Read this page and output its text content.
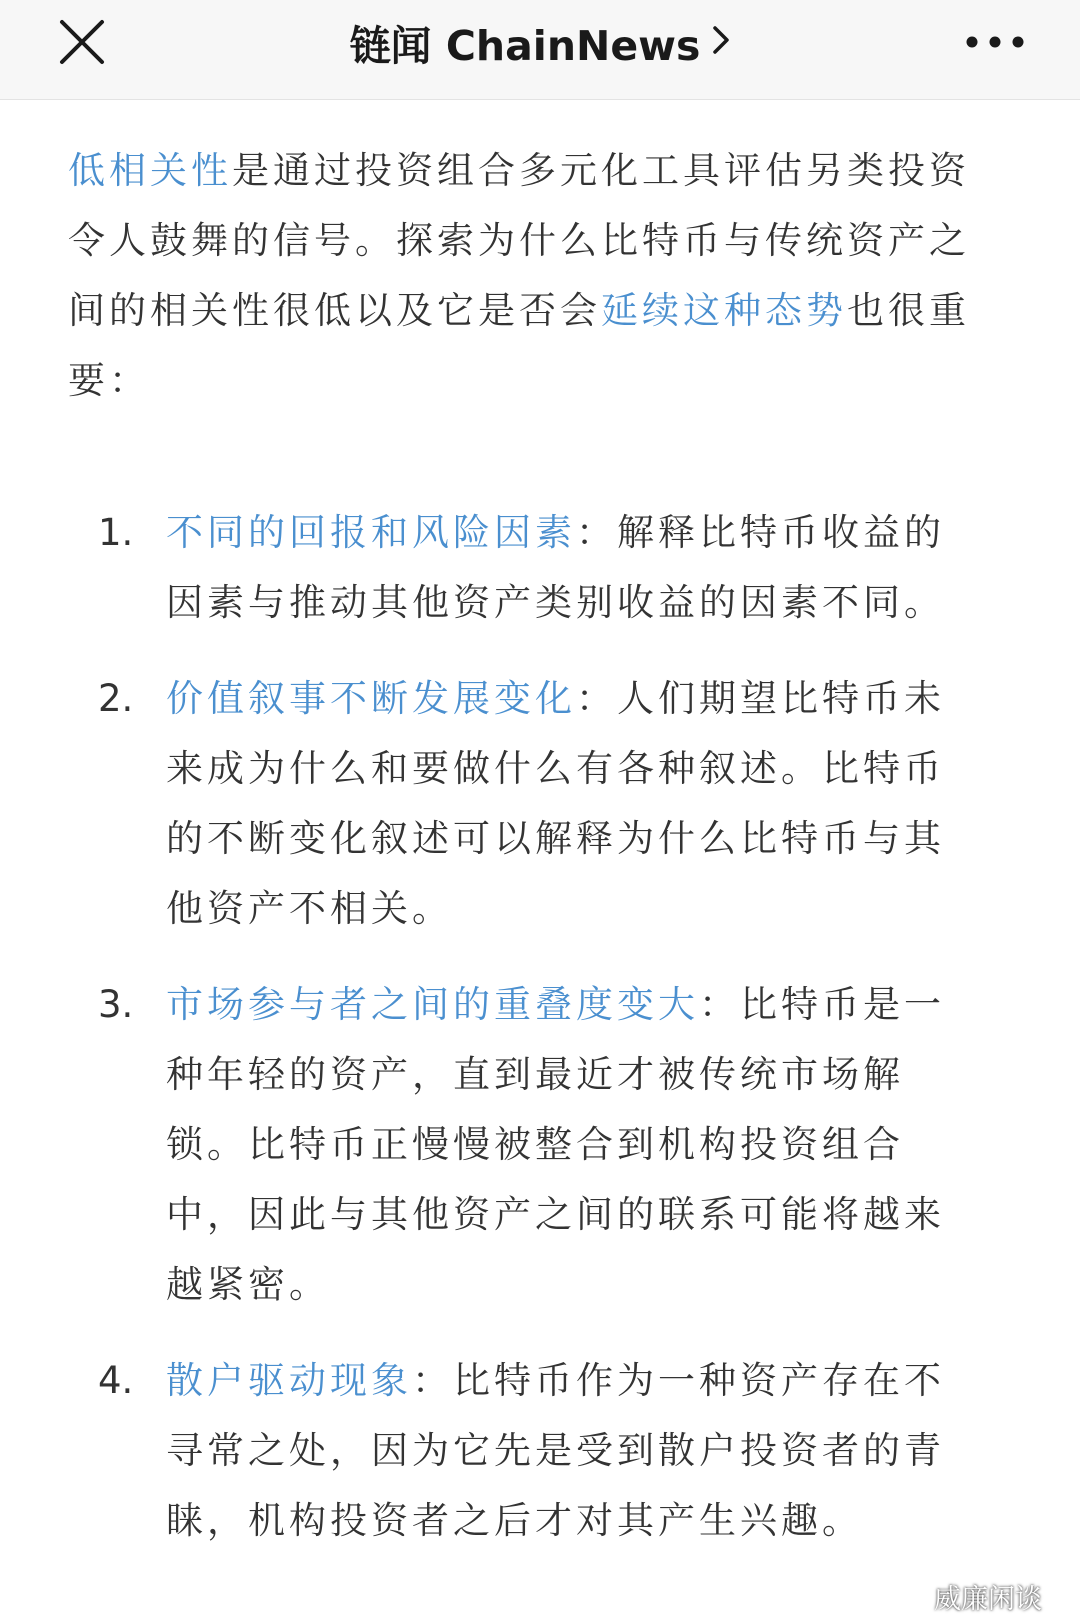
链闻 ChainNews

低相关性是通过投资组合多元化工具评估另类投资令人鼓舞的信号。探索为什么比特币与传统资产之间的相关性很低以及它是否会延续这种态势也很重要：

1. 不同的回报和风险因素：解释比特币收益的因素与推动其他资产类别收益的因素不同。
2. 价值叙事不断发展变化：人们期望比特币未来成为什么和要做什么有各种叙述。比特币的不断变化叙述可以解释为什么比特币与其他资产不相关。
3. 市场参与者之间的重叠度变大：比特币是一种年轻的资产，直到最近才被传统市场解锁。比特币正慢慢被整合到机构投资组合中，因此与其他资产之间的联系可能将越来越紧密。
4. 散户驱动现象：比特币作为一种资产存在不寻常之处，因为它先是受到散户投资者的青睐，机构投资者之后才对其产生兴趣。
威廉闲谈
